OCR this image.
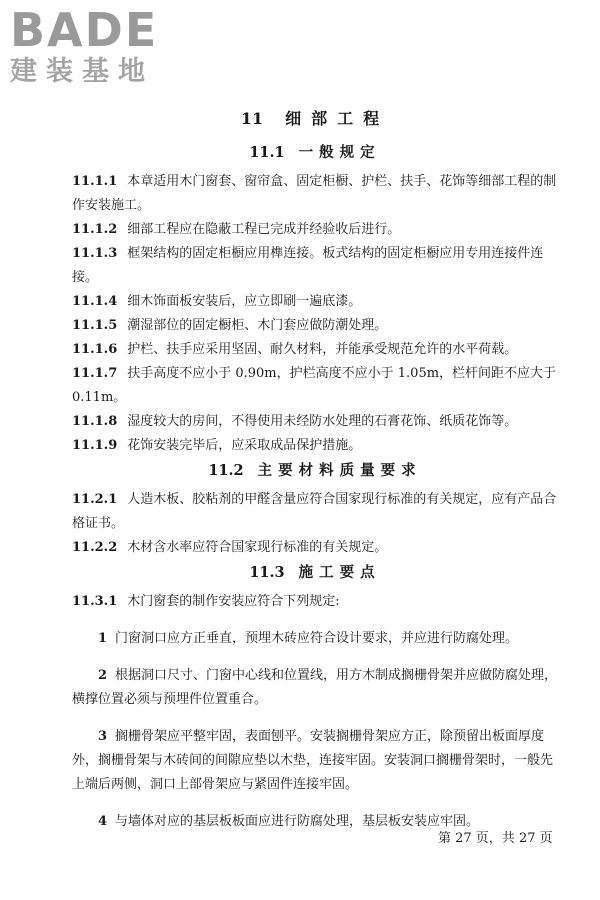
BADE
建装基地
11 细部工程
11.1 一般规定

11.1.1 本章适用木门窗套、窗帘盒、固定柜橱、护栏、扶手、花饰等细部工程的制作安装施工。

11.1.2 细部工程应在隐蔽工程已完成并经验收后进行。

11.1.3 框架结构的固定柜橱应用榫连接。板式结构的固定柜橱应用专用连接件连接。

11.1.4 细木饰面板安装后，应立即刷一遍底漆。

11.1.5 潮湿部位的固定橱柜、木门套应做防潮处理。

11.1.6 护栏、扶手应采用坚固、耐久材料，并能承受规范允许的水平荷载。

11.1.7 扶手高度不应小于 0.90m，护栏高度不应小于 1.05m，栏杆间距不应大于 0.11m。

11.1.8 湿度较大的房间，不得使用未经防水处理的石膏花饰、纸质花饰等。

11.1.9 花饰安装完毕后，应采取成品保护措施。

11.2 主要材料质量要求

11.2.1 人造木板、胶粘剂的甲醛含量应符合国家现行标准的有关规定，应有产品合格证书。

11.2.2 木材含水率应符合国家现行标准的有关规定。

11.3 施工要点

11.3.1 木门窗套的制作安装应符合下列规定:

1 门窗洞口应方正垂直，预埋木砖应符合设计要求，并应进行防腐处理。

2 根据洞口尺寸、门窗中心线和位置线，用方木制成搁栅骨架并应做防腐处理，横撑位置必须与预埋件位置重合。

3 搁栅骨架应平整牢固，表面刨平。安装搁栅骨架应方正，除预留出板面厚度外，搁栅骨架与木砖间的间隙应垫以木垫，连接牢固。安装洞口搁栅骨架时，一般先上端后两侧，洞口上部骨架应与紧固件连接牢固。

4 与墙体对应的基层板板面应进行防腐处理，基层板安装应牢固。

第 27 页，共 27 页
